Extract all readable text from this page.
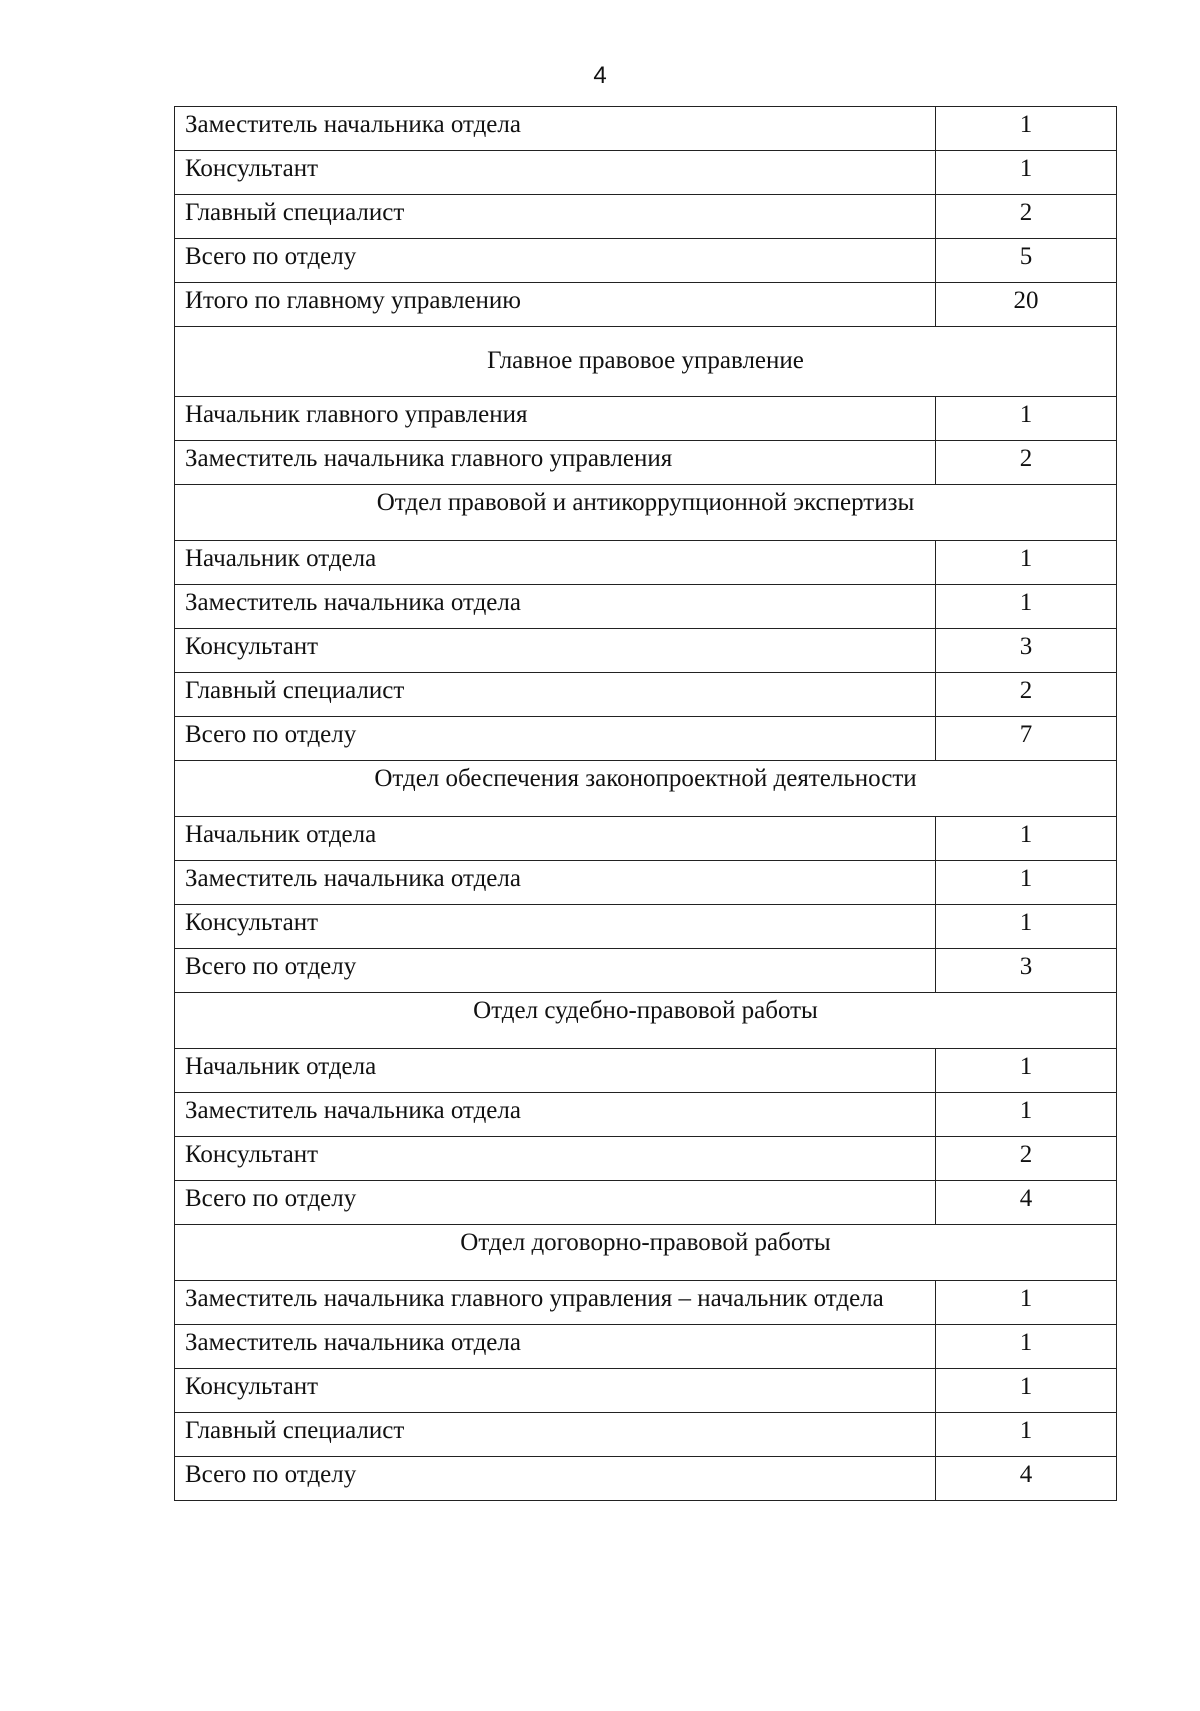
4
Заместитель начальника отдела	1
Консультант	1
Главный специалист	2
Всего по отделу	5
Итого по главному управлению	20
Главное правовое управление	
Начальник главного управления	1
Заместитель начальника главного управления	2
Отдел правовой и антикоррупционной экспертизы	
Начальник отдела	1
Заместитель начальника отдела	1
Консультант	3
Главный специалист	2
Всего по отделу	7
Отдел обеспечения законопроектной деятельности	
Начальник отдела	1
Заместитель начальника отдела	1
Консультант	1
Всего по отделу	3
Отдел судебно-правовой работы	
Начальник отдела	1
Заместитель начальника отдела	1
Консультант	2
Всего по отделу	4
Отдел договорно-правовой работы	
Заместитель начальника главного управления – начальник отдела	1
Заместитель начальника отдела	1
Консультант	1
Главный специалист	1
Всего по отделу	4
